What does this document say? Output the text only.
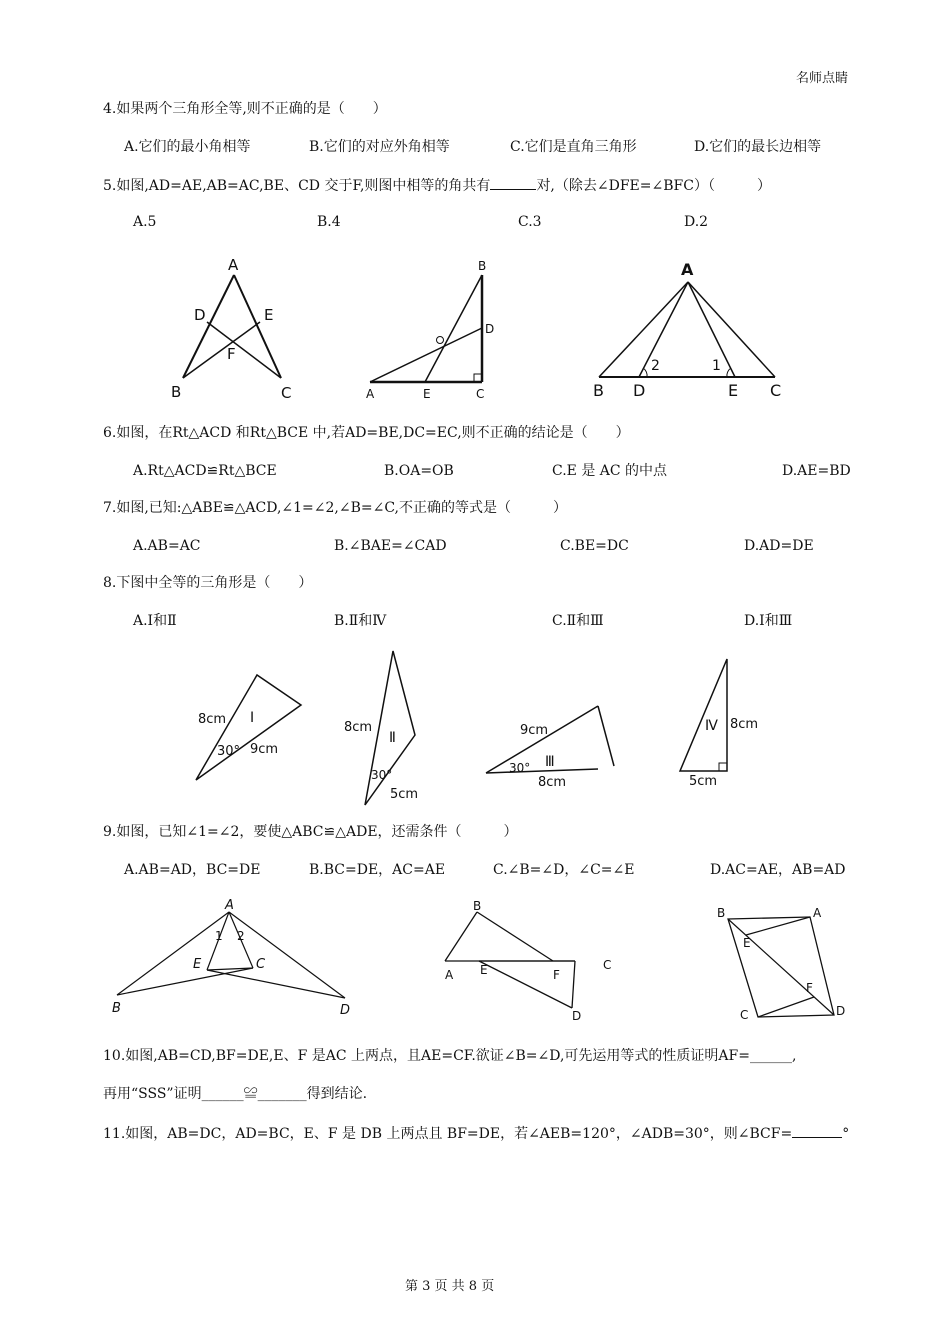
名师点睛
4.如果两个三角形全等,则不正确的是（　　）
A.它们的最小角相等	B.它们的对应外角相等	C.它们是直角三角形	D.它们的最长边相等
5.如图,AD=AE,AB=AC,BE、CD 交于F,则图中相等的角共有	对,（除去∠DFE=∠BFC）（　　　）
A.5	B.4	C.3	D.2
A
D	E
F
B	C
B
D
A	E	C
A
B D	E C
2	1
6.如图，在Rt△ACD 和Rt△BCE 中,若AD=BE,DC=EC,则不正确的结论是（　　）
A.Rt△ACD≌Rt△BCE	B.OA=OB	C.E 是 AC 的中点	D.AE=BD
7.如图,已知:△ABE≌△ACD,∠1=∠2,∠B=∠C,不正确的等式是（　　　）
A.AB=AC	B.∠BAE=∠CAD	C.BE=DC	D.AD=DE
8.下图中全等的三角形是（　　）
A.Ⅰ和Ⅱ	B.Ⅱ和Ⅳ	C.Ⅱ和Ⅲ	D.Ⅰ和Ⅲ
8cm Ⅰ
30° 9cm
8cm
Ⅱ
30°
5cm
9cm
Ⅲ
30°
8cm
Ⅳ 8cm
5cm
9.如图，已知∠1=∠2，要使△ABC≌△ADE，还需条件（　　　）
A.AB=AD，BC=DE	B.BC=DE，AC=AE	C.∠B=∠D，∠C=∠E	D.AC=AE，AB=AD
A
1 2
E	C
B	D
B
A E	F
C
D
B	A
E
F
C	D
10.如图,AB=CD,BF=DE,E、F 是AC 上两点，且AE=CF.欲证∠B=∠D,可先运用等式的性质证明AF=______,
再用“SSS”证明______≌_______得到结论.
11.如图，AB=DC，AD=BC，E、F 是 DB 上两点且 BF=DE，若∠AEB=120°，∠ADB=30°，则∠BCF=	°
第 3 页 共 8 页
